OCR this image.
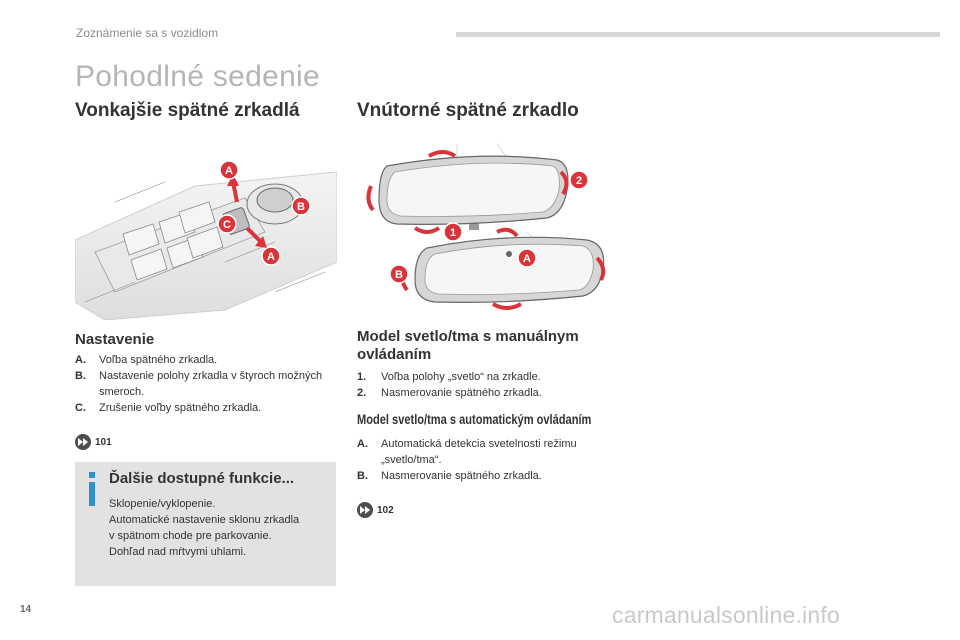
Zoznámenie sa s vozidlom
Pohodlné sedenie
Vonkajšie spätné zrkadlá	Vnútorné spätné zrkadlo
A
B
C
A
2
1
A
B
Nastavenie
A. Voľba spätného zrkadla.
B. Nastavenie polohy zrkadla v štyroch možných smeroch.
C. Zrušenie voľby spätného zrkadla.
101
Ďalšie dostupné funkcie...
Sklopenie/vyklopenie.
Automatické nastavenie sklonu zrkadla
v spätnom chode pre parkovanie.
Dohľad nad mŕtvymi uhlami.
Model svetlo/tma s manuálnym ovládaním
1. Voľba polohy „svetlo“ na zrkadle.
2. Nasmerovanie spätného zrkadla.
Model svetlo/tma s automatickým ovládaním
A. Automatická detekcia svetelnosti režimu „svetlo/tma“.
B. Nasmerovanie spätného zrkadla.
102
14	carmanualsonline.info
